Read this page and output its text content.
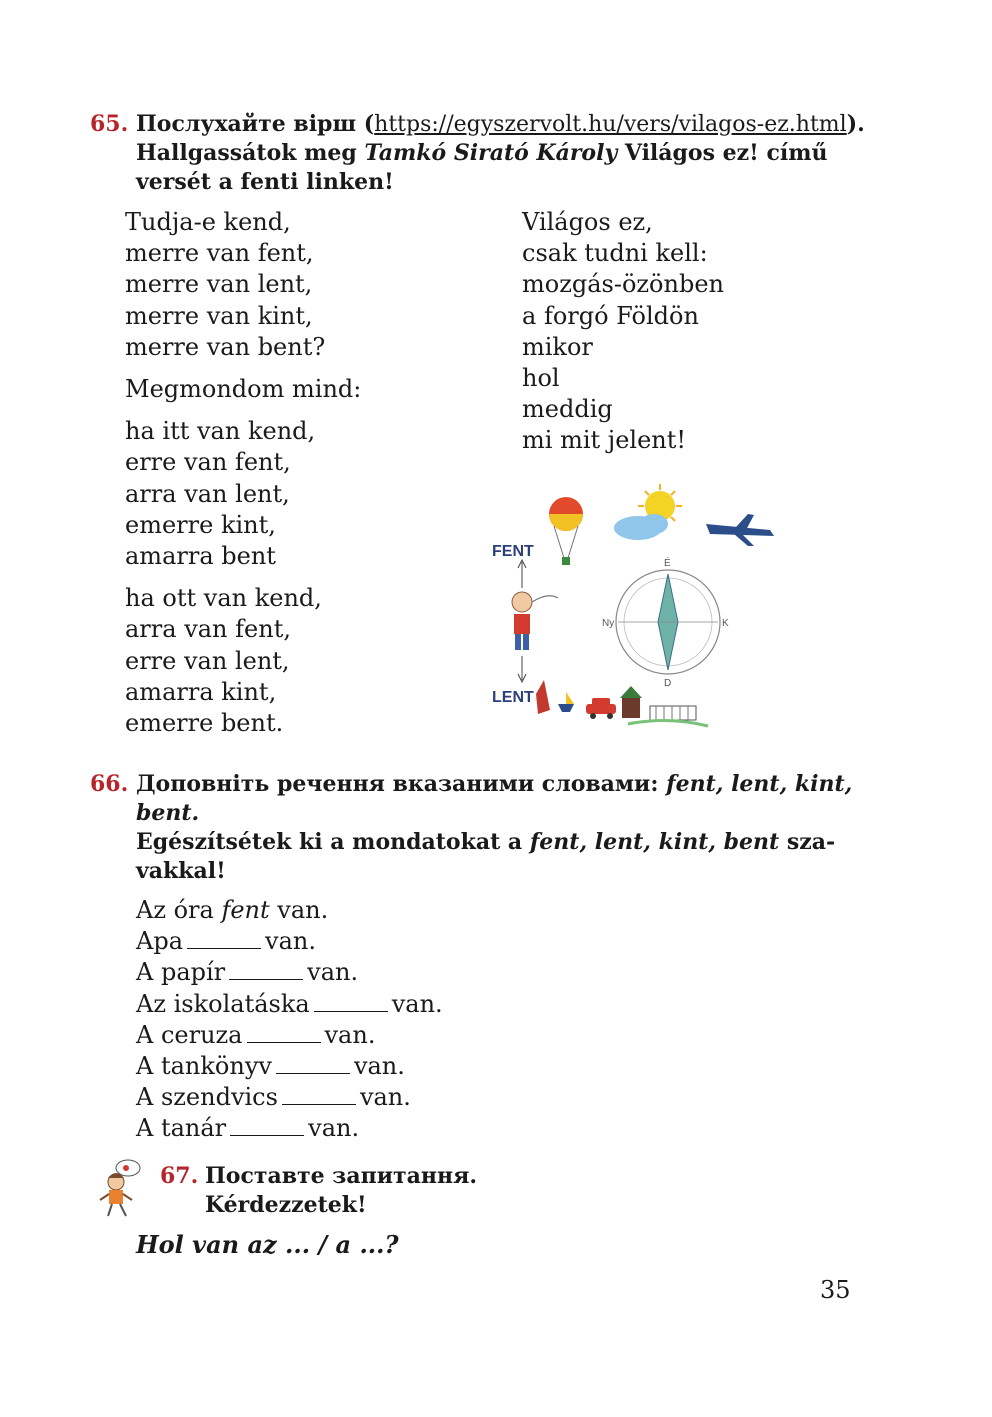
65. Послухайте вірш (https://egyszervolt.hu/vers/vilagos-ez.html).
Hallgassátok meg Tamkó Sirató Károly Világos ez! című
versét a fenti linken!
Tudja-e kend,
merre van fent,
merre van lent,
merre van kint,
merre van bent?
Megmondom mind:
ha itt van kend,
erre van fent,
arra van lent,
emerre kint,
amarra bent
ha ott van kend,
arra van fent,
erre van lent,
amarra kint,
emerre bent.
Világos ez,
csak tudni kell:
mozgás-özönben
a forgó Földön
mikor
hol
meddig
mi mit jelent!
FENT
É
D
K
Ny
LENT
66. Доповніть речення вказаними словами: fent, lent, kint,
bent.
Egészítsétek ki a mondatokat a fent, lent, kint, bent sza-
vakkal!
Az óra fent van.
Apa	van.
A papír	van.
Az iskolatáska	van.
A ceruza	van.
A tankönyv	van.
A szendvics	van.
A tanár	van.
67. Поставте запитання.
Kérdezzetek!
Hol van az ... / a ...?
35
